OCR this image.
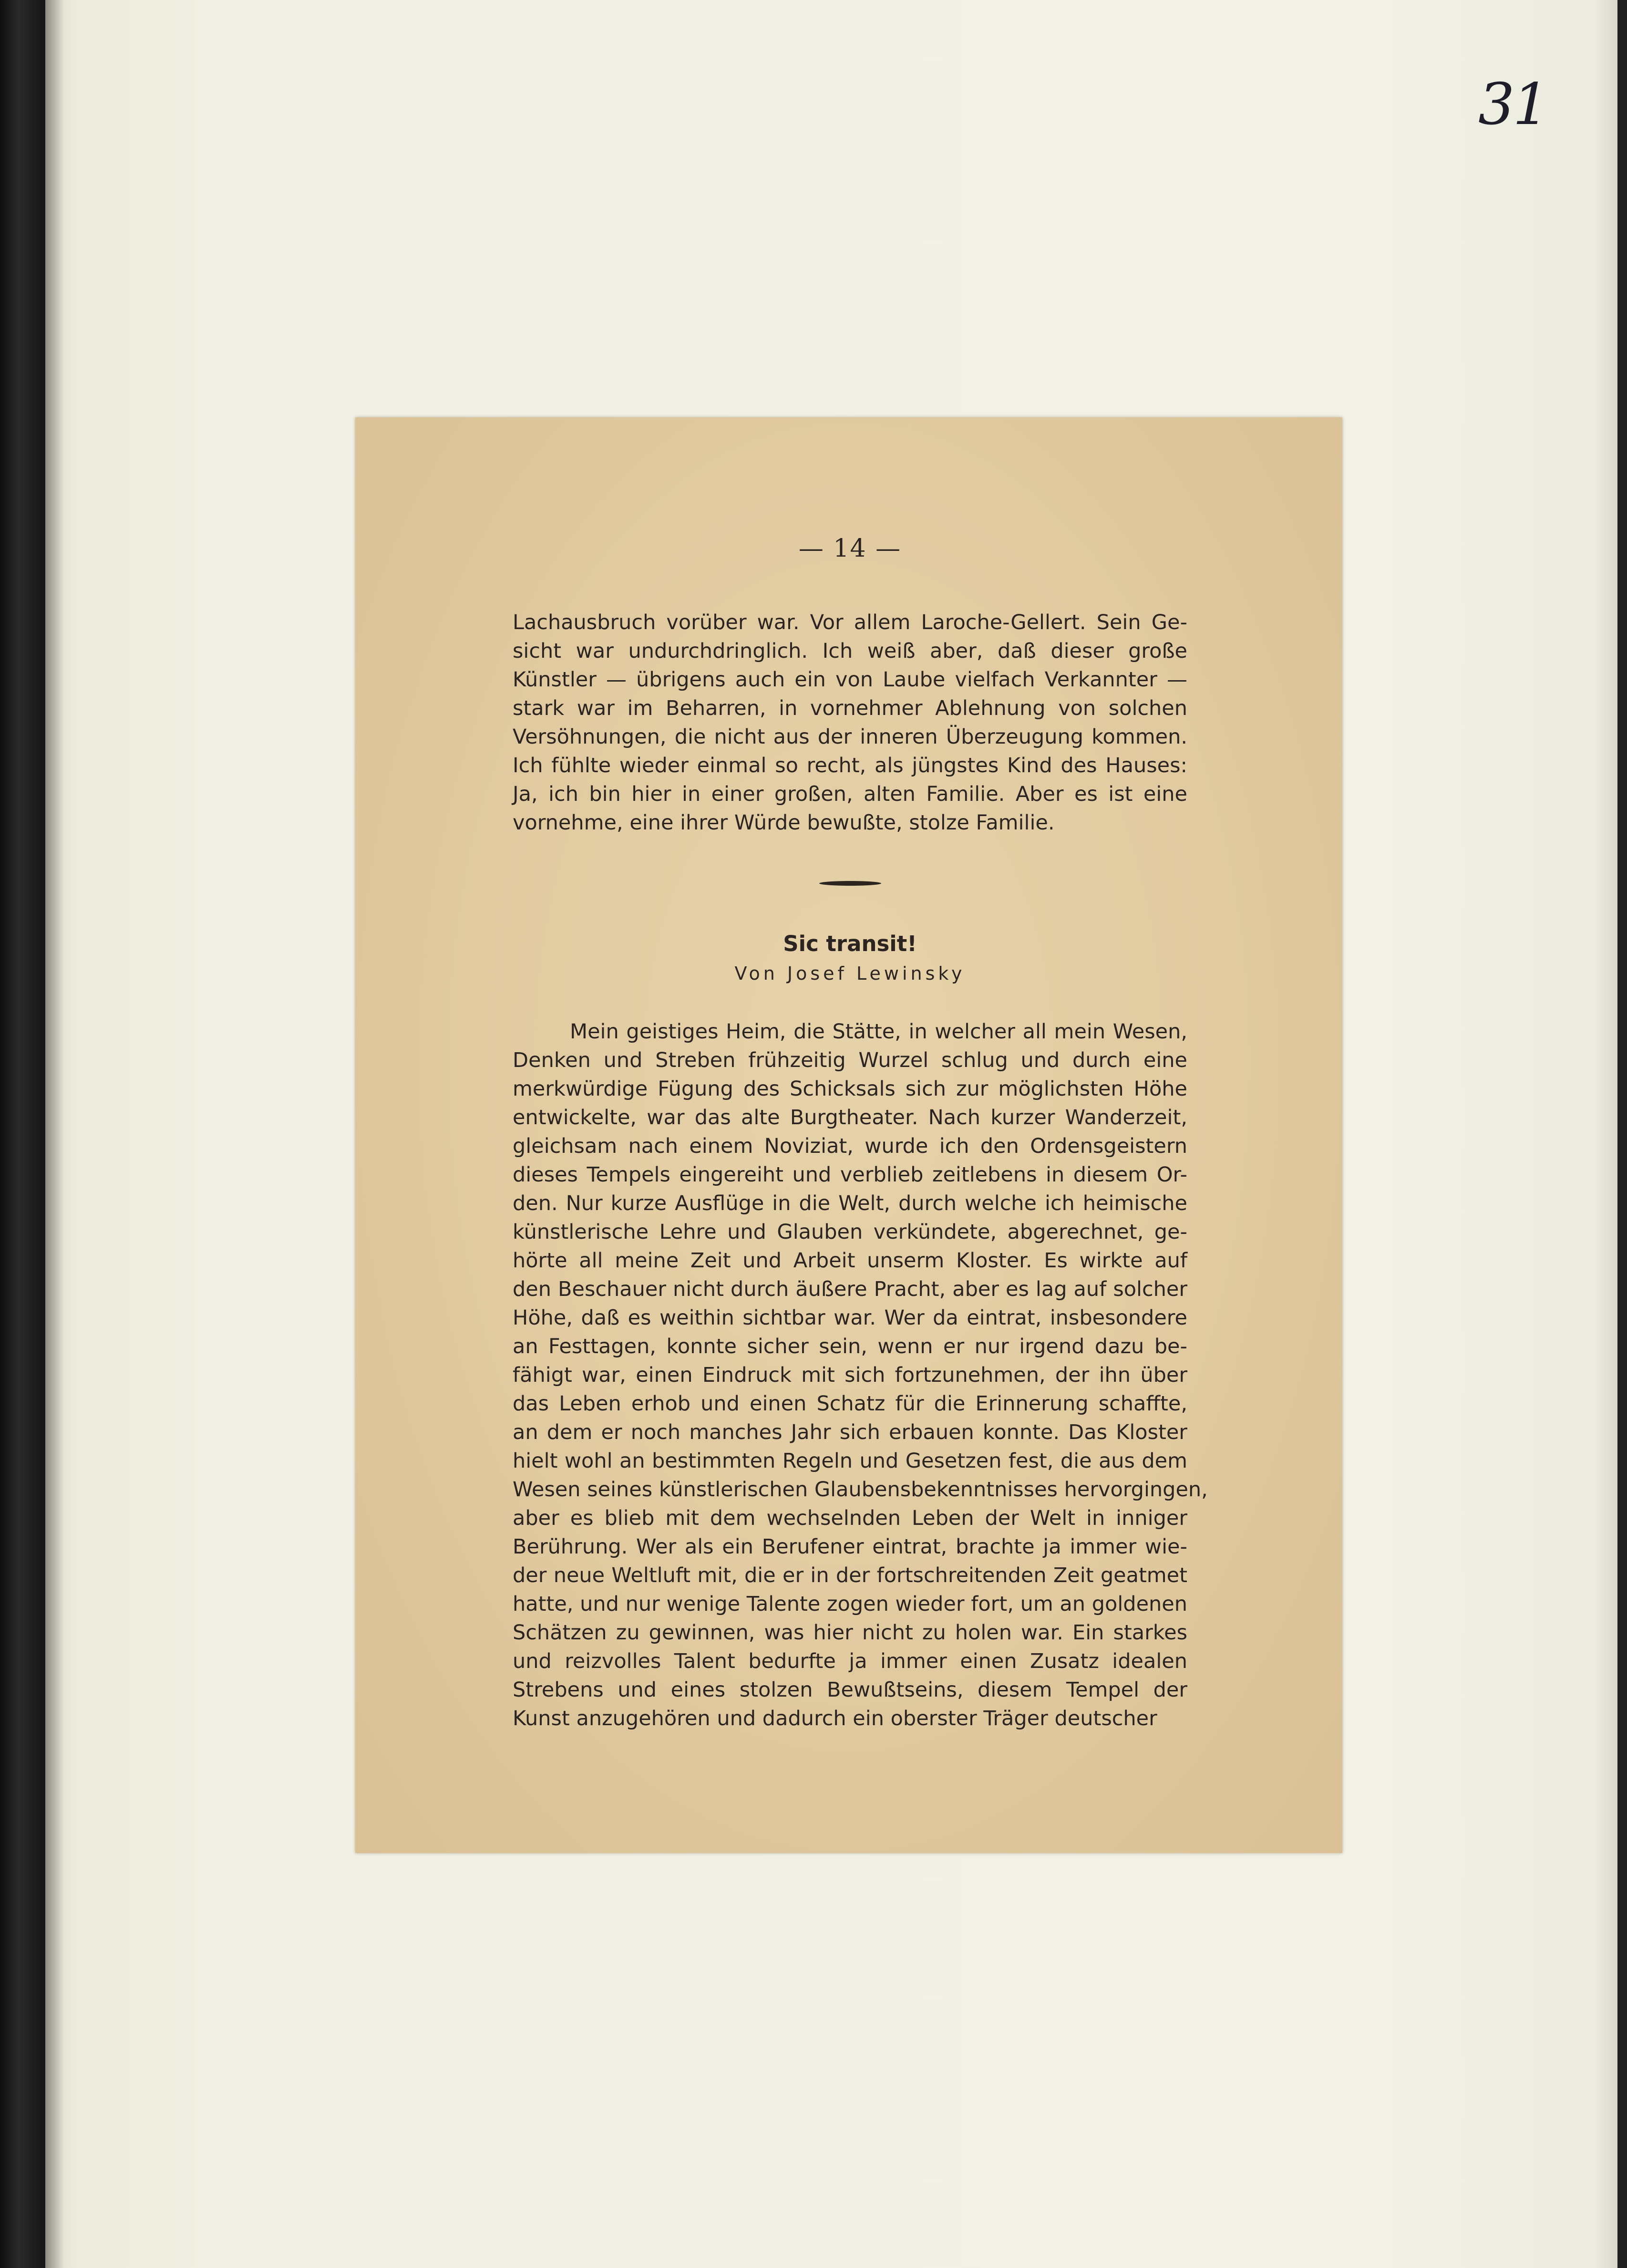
31
— 14 —

Lachausbruch vorüber war. Vor allem Laroche-Gellert. Sein Ge-
sicht war undurchdringlich. Ich weiß aber, daß dieser große
Künstler — übrigens auch ein von Laube vielfach Verkannter —
stark war im Beharren, in vornehmer Ablehnung von solchen
Versöhnungen, die nicht aus der inneren Überzeugung kommen.
Ich fühlte wieder einmal so recht, als jüngstes Kind des Hauses:
Ja, ich bin hier in einer großen, alten Familie. Aber es ist eine
vornehme, eine ihrer Würde bewußte, stolze Familie.

Sic transit!
Von Josef Lewinsky

Mein geistiges Heim, die Stätte, in welcher all mein Wesen,
Denken und Streben frühzeitig Wurzel schlug und durch eine
merkwürdige Fügung des Schicksals sich zur möglichsten Höhe
entwickelte, war das alte Burgtheater. Nach kurzer Wanderzeit,
gleichsam nach einem Noviziat, wurde ich den Ordensgeistern
dieses Tempels eingereiht und verblieb zeitlebens in diesem Or-
den. Nur kurze Ausflüge in die Welt, durch welche ich heimische
künstlerische Lehre und Glauben verkündete, abgerechnet, ge-
hörte all meine Zeit und Arbeit unserm Kloster. Es wirkte auf
den Beschauer nicht durch äußere Pracht, aber es lag auf solcher
Höhe, daß es weithin sichtbar war. Wer da eintrat, insbesondere
an Festtagen, konnte sicher sein, wenn er nur irgend dazu be-
fähigt war, einen Eindruck mit sich fortzunehmen, der ihn über
das Leben erhob und einen Schatz für die Erinnerung schaffte,
an dem er noch manches Jahr sich erbauen konnte. Das Kloster
hielt wohl an bestimmten Regeln und Gesetzen fest, die aus dem
Wesen seines künstlerischen Glaubensbekenntnisses hervorgingen,
aber es blieb mit dem wechselnden Leben der Welt in inniger
Berührung. Wer als ein Berufener eintrat, brachte ja immer wie-
der neue Weltluft mit, die er in der fortschreitenden Zeit geatmet
hatte, und nur wenige Talente zogen wieder fort, um an goldenen
Schätzen zu gewinnen, was hier nicht zu holen war. Ein starkes
und reizvolles Talent bedurfte ja immer einen Zusatz idealen
Strebens und eines stolzen Bewußtseins, diesem Tempel der
Kunst anzugehören und dadurch ein oberster Träger deutscher
